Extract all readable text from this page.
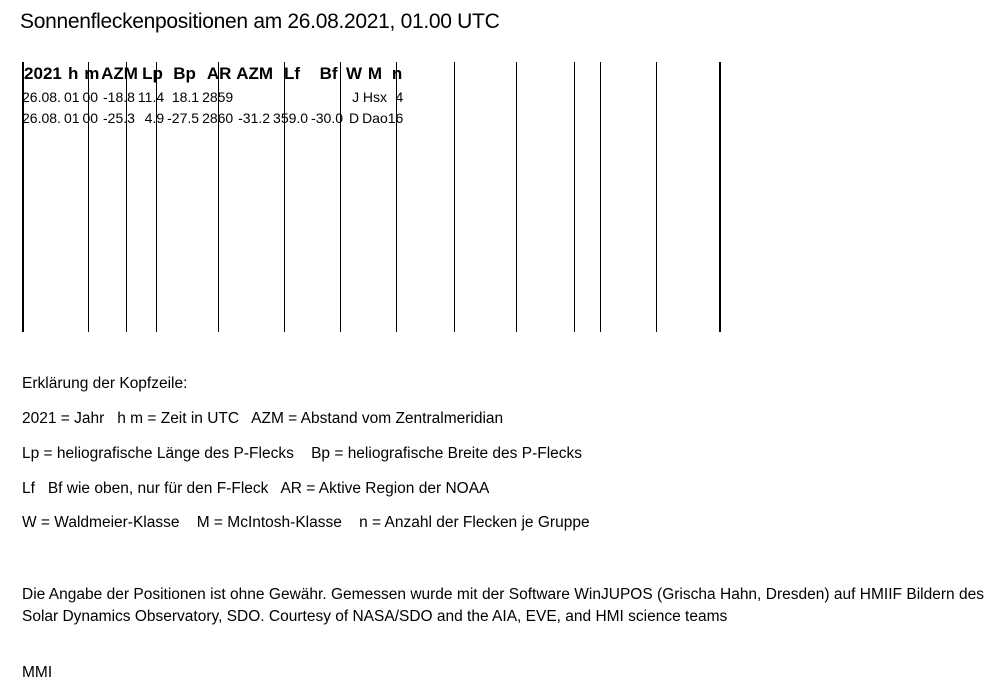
Sonnenfleckenpositionen am 26.08.2021, 01.00 UTC
2021	h	m	AZM	Lp	Bp	AR	AZM	Lf	Bf	W	M	n
26.08.	01	00	-18.8	11.4	18.1	2859				J	Hsx	4
26.08.	01	00	-25.3	4.9	-27.5	2860	-31.2	359.0	-30.0	D	Dao	16
Erklärung der Kopfzeile:
2021 = Jahr   h m = Zeit in UTC   AZM = Abstand vom Zentralmeridian
Lp = heliografische Länge des P-Flecks    Bp = heliografische Breite des P-Flecks
Lf   Bf wie oben, nur für den F-Fleck   AR = Aktive Region der NOAA
W = Waldmeier-Klasse    M = McIntosh-Klasse    n = Anzahl der Flecken je Gruppe
Die Angabe der Positionen ist ohne Gewähr. Gemessen wurde mit der Software WinJUPOS (Grischa Hahn, Dresden) auf HMIIF Bildern des Solar Dynamics Observatory, SDO. Courtesy of NASA/SDO and the AIA, EVE, and HMI science teams
MMI
